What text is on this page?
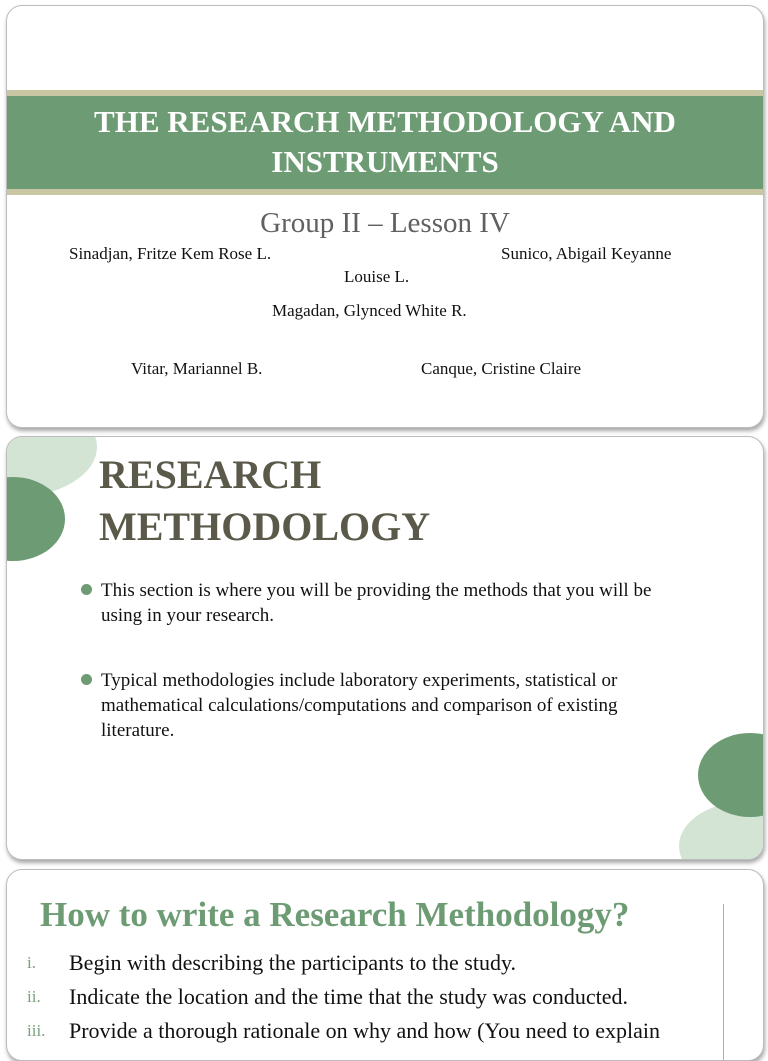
THE RESEARCH METHODOLOGY AND
INSTRUMENTS
Group II – Lesson IV
Sinadjan, Fritze Kem Rose L.	Sunico, Abigail Keyanne
Louise L.
Magadan, Glynced White R.
Vitar, Mariannel B.	Canque, Cristine Claire
RESEARCH
METHODOLOGY
This section is where you will be providing the methods that you will be
using in your research.
Typical methodologies include laboratory experiments, statistical or
mathematical calculations/computations and comparison of existing
literature.
How to write a Research Methodology?
i. Begin with describing the participants to the study.
ii. Indicate the location and the time that the study was conducted.
iii. Provide a thorough rationale on why and how (You need to explain
